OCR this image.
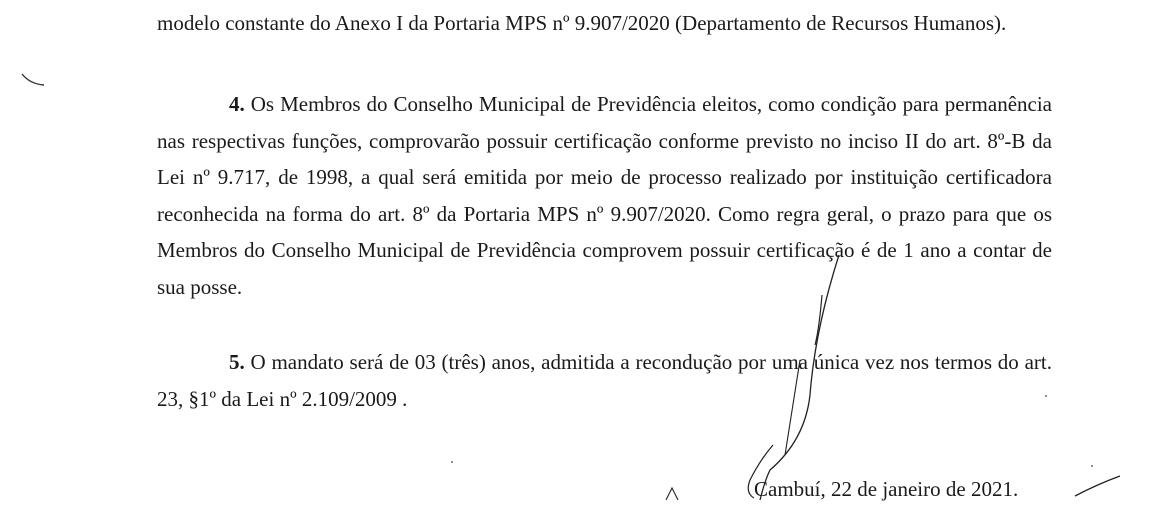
modelo constante do Anexo I da Portaria MPS nº 9.907/2020 (Departamento de Recursos Humanos).

4. Os Membros do Conselho Municipal de Previdência eleitos, como condição para permanência nas respectivas funções, comprovarão possuir certificação conforme previsto no inciso II do art. 8º-B da Lei nº 9.717, de 1998, a qual será emitida por meio de processo realizado por instituição certificadora reconhecida na forma do art. 8º da Portaria MPS nº 9.907/2020. Como regra geral, o prazo para que os Membros do Conselho Municipal de Previdência comprovem possuir certificação é de 1 ano a contar de sua posse.

5. O mandato será de 03 (três) anos, admitida a recondução por uma única vez nos termos do art. 23, §1º da Lei nº 2.109/2009 .

Cambuí, 22 de janeiro de 2021.
